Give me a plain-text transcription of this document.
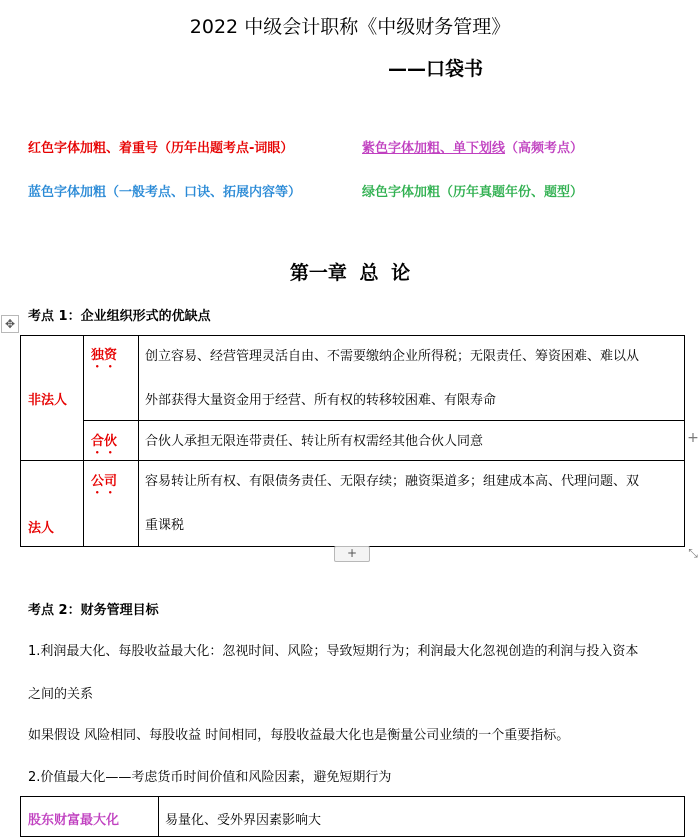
2022 中级会计职称《中级财务管理》
——口袋书
红色字体加粗、着重号（历年出题考点-词眼）	紫色字体加粗、单下划线（高频考点）
蓝色字体加粗（一般考点、口诀、拓展内容等）	绿色字体加粗（历年真题年份、题型）
第一章 总 论
考点 1：企业组织形式的优缺点
✥
非法人	独资	创立容易、经营管理灵活自由、不需要缴纳企业所得税；无限责任、筹资困难、难以从
外部获得大量资金用于经营、所有权的转移较困难、有限寿命

	合伙	合伙人承担无限连带责任、转让所有权需经其他合伙人同意

法人	公司	容易转让所有权、有限债务责任、无限存续；融资渠道多；组建成本高、代理问题、双
重课税
+
+	⤡
考点 2：财务管理目标
1.利润最大化、每股收益最大化：忽视时间、风险；导致短期行为；利润最大化忽视创造的利润与投入资本
之间的关系
如果假设 风险相同、每股收益 时间相同，每股收益最大化也是衡量公司业绩的一个重要指标。
2.价值最大化——考虑货币时间价值和风险因素，避免短期行为
股东财富最大化	易量化、受外界因素影响大
